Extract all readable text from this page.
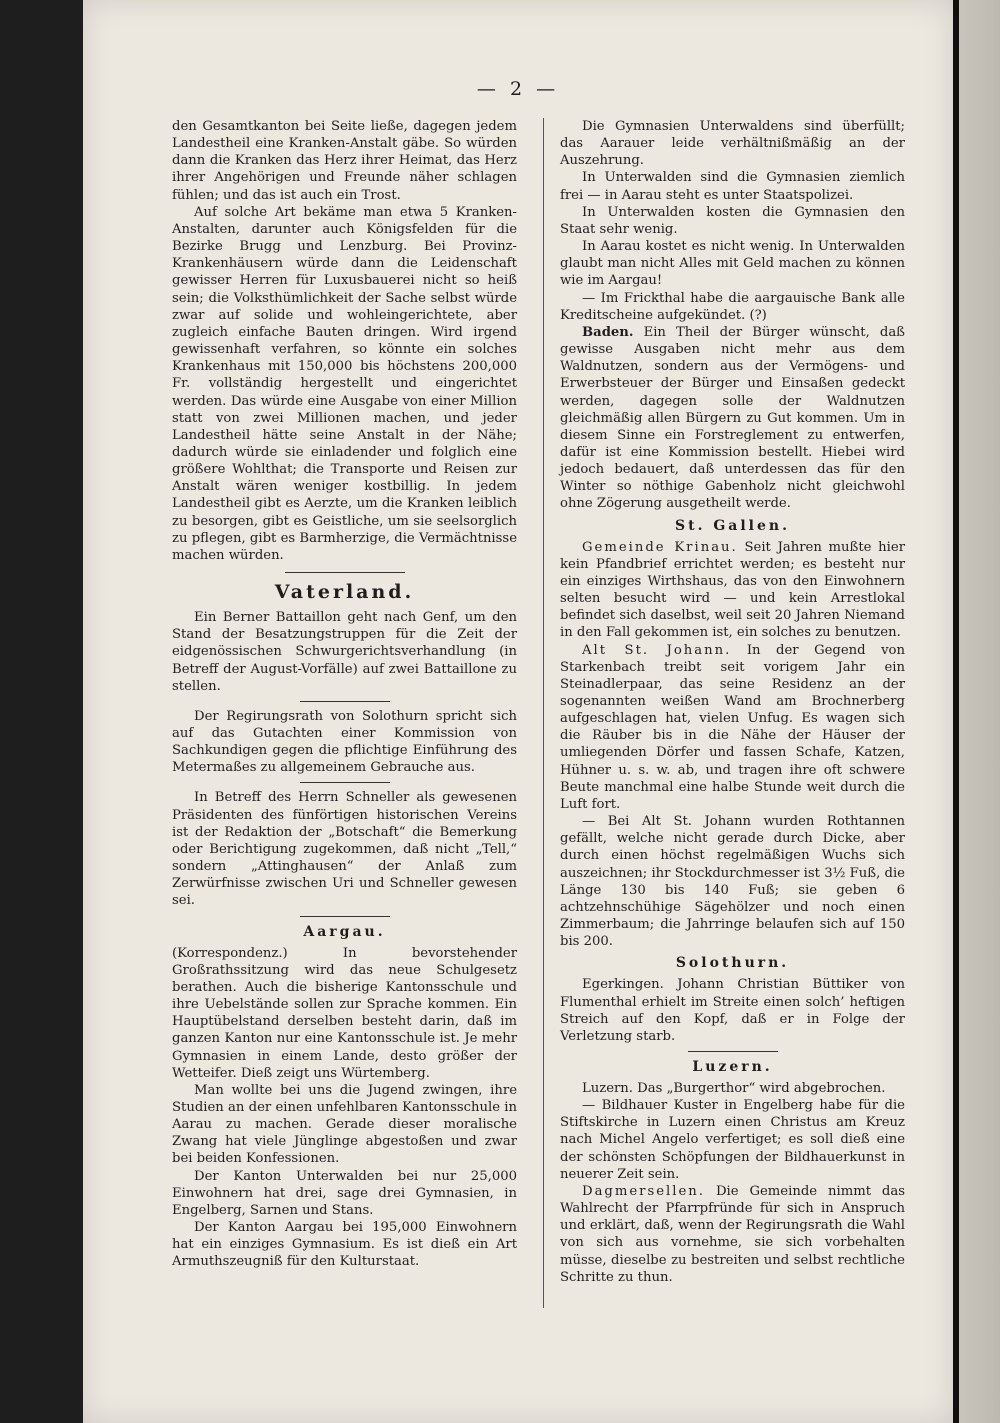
— 2 —

den Gesamtkanton bei Seite ließe, dagegen jedem Landestheil eine Kranken-Anstalt gäbe. So würden dann die Kranken das Herz ihrer Heimat, das Herz ihrer Angehörigen und Freunde näher schlagen fühlen; und das ist auch ein Trost.

Auf solche Art bekäme man etwa 5 Kranken-Anstalten, darunter auch Königsfelden für die Bezirke Brugg und Lenzburg. Bei Provinz-Krankenhäusern würde dann die Leidenschaft gewisser Herren für Luxusbauerei nicht so heiß sein; die Volksthümlichkeit der Sache selbst würde zwar auf solide und wohleingerichtete, aber zugleich einfache Bauten dringen. Wird irgend gewissenhaft verfahren, so könnte ein solches Krankenhaus mit 150,000 bis höchstens 200,000 Fr. vollständig hergestellt und eingerichtet werden. Das würde eine Ausgabe von einer Million statt von zwei Millionen machen, und jeder Landestheil hätte seine Anstalt in der Nähe; dadurch würde sie einladender und folglich eine größere Wohlthat; die Transporte und Reisen zur Anstalt wären weniger kostbillig. In jedem Landestheil gibt es Aerzte, um die Kranken leiblich zu besorgen, gibt es Geistliche, um sie seelsorglich zu pflegen, gibt es Barmherzige, die Vermächtnisse machen würden.

Vaterland.

Ein Berner Battaillon geht nach Genf, um den Stand der Besatzungstruppen für die Zeit der eidgenössischen Schwurgerichtsverhandlung (in Betreff der August-Vorfälle) auf zwei Battaillone zu stellen.

Der Regirungsrath von Solothurn spricht sich auf das Gutachten einer Kommission von Sachkundigen gegen die pflichtige Einführung des Metermaßes zu allgemeinem Gebrauche aus.

In Betreff des Herrn Schneller als gewesenen Präsidenten des fünförtigen historischen Vereins ist der Redaktion der „Botschaft“ die Bemerkung oder Berichtigung zugekommen, daß nicht „Tell,“ sondern „Attinghausen“ der Anlaß zum Zerwürfnisse zwischen Uri und Schneller gewesen sei.

Aargau.

(Korrespondenz.) In bevorstehender Großrathssitzung wird das neue Schulgesetz berathen. Auch die bisherige Kantonsschule und ihre Uebelstände sollen zur Sprache kommen. Ein Hauptübelstand derselben besteht darin, daß im ganzen Kanton nur eine Kantonsschule ist. Je mehr Gymnasien in einem Lande, desto größer der Wetteifer. Dieß zeigt uns Würtemberg.

Man wollte bei uns die Jugend zwingen, ihre Studien an der einen unfehlbaren Kantonsschule in Aarau zu machen. Gerade dieser moralische Zwang hat viele Jünglinge abgestoßen und zwar bei beiden Konfessionen.

Der Kanton Unterwalden bei nur 25,000 Einwohnern hat drei, sage drei Gymnasien, in Engelberg, Sarnen und Stans.

Der Kanton Aargau bei 195,000 Einwohnern hat ein einziges Gymnasium. Es ist dieß ein Art Armuthszeugniß für den Kulturstaat.

Die Gymnasien Unterwaldens sind überfüllt; das Aarauer leide verhältnißmäßig an der Auszehrung.

In Unterwalden sind die Gymnasien ziemlich frei — in Aarau steht es unter Staatspolizei.

In Unterwalden kosten die Gymnasien den Staat sehr wenig.

In Aarau kostet es nicht wenig. In Unterwalden glaubt man nicht Alles mit Geld machen zu können wie im Aargau!

— Im Frickthal habe die aargauische Bank alle Kreditscheine aufgekündet. (?)

Baden. Ein Theil der Bürger wünscht, daß gewisse Ausgaben nicht mehr aus dem Waldnutzen, sondern aus der Vermögens- und Erwerbsteuer der Bürger und Einsaßen gedeckt werden, dagegen solle der Waldnutzen gleichmäßig allen Bürgern zu Gut kommen. Um in diesem Sinne ein Forstreglement zu entwerfen, dafür ist eine Kommission bestellt. Hiebei wird jedoch bedauert, daß unterdessen das für den Winter so nöthige Gabenholz nicht gleichwohl ohne Zögerung ausgetheilt werde.

St. Gallen.

Gemeinde Krinau. Seit Jahren mußte hier kein Pfandbrief errichtet werden; es besteht nur ein einziges Wirthshaus, das von den Einwohnern selten besucht wird — und kein Arrestlokal befindet sich daselbst, weil seit 20 Jahren Niemand in den Fall gekommen ist, ein solches zu benutzen.

Alt St. Johann. In der Gegend von Starkenbach treibt seit vorigem Jahr ein Steinadlerpaar, das seine Residenz an der sogenannten weißen Wand am Brochnerberg aufgeschlagen hat, vielen Unfug. Es wagen sich die Räuber bis in die Nähe der Häuser der umliegenden Dörfer und fassen Schafe, Katzen, Hühner u. s. w. ab, und tragen ihre oft schwere Beute manchmal eine halbe Stunde weit durch die Luft fort.

— Bei Alt St. Johann wurden Rothtannen gefällt, welche nicht gerade durch Dicke, aber durch einen höchst regelmäßigen Wuchs sich auszeichnen; ihr Stockdurchmesser ist 3½ Fuß, die Länge 130 bis 140 Fuß; sie geben 6 achtzehnschühige Sägehölzer und noch einen Zimmerbaum; die Jahrringe belaufen sich auf 150 bis 200.

Solothurn.

Egerkingen. Johann Christian Büttiker von Flumenthal erhielt im Streite einen solch’ heftigen Streich auf den Kopf, daß er in Folge der Verletzung starb.

Luzern.

Luzern. Das „Burgerthor“ wird abgebrochen.

— Bildhauer Kuster in Engelberg habe für die Stiftskirche in Luzern einen Christus am Kreuz nach Michel Angelo verfertiget; es soll dieß eine der schönsten Schöpfungen der Bildhauerkunst in neuerer Zeit sein.

Dagmersellen. Die Gemeinde nimmt das Wahlrecht der Pfarrpfründe für sich in Anspruch und erklärt, daß, wenn der Regirungsrath die Wahl von sich aus vornehme, sie sich vorbehalten müsse, dieselbe zu bestreiten und selbst rechtliche Schritte zu thun.
